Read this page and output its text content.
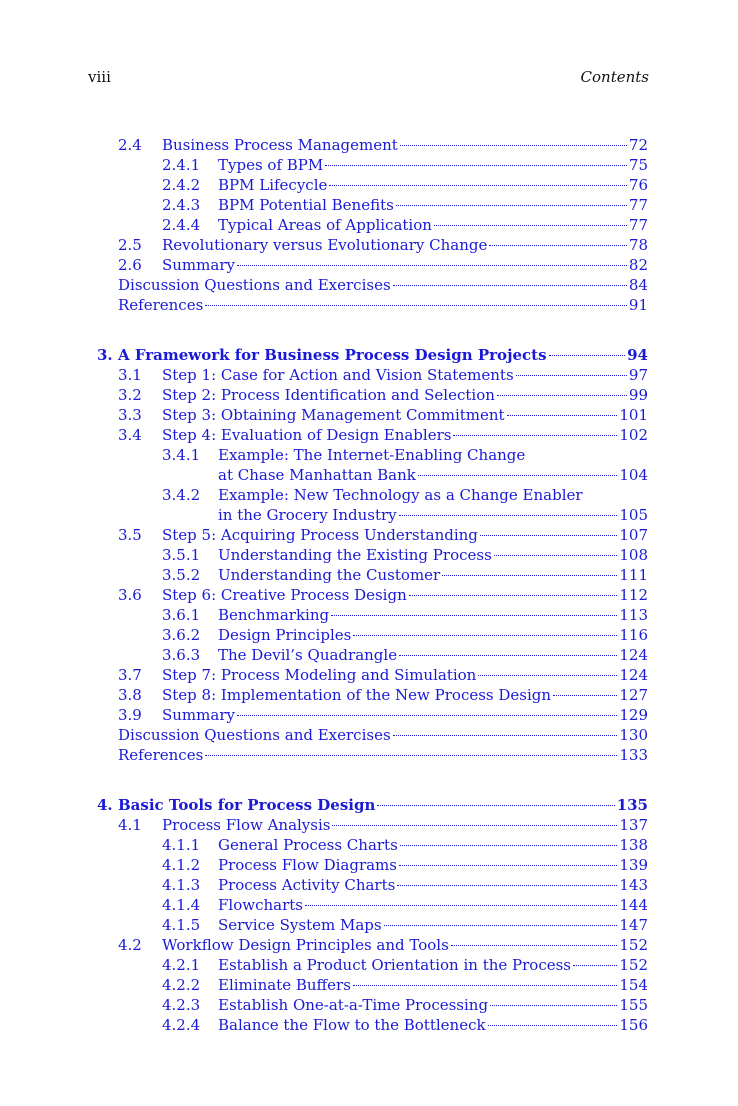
viii	Contents
2.4 Business Process Management	72
2.4.1 Types of BPM	75
2.4.2 BPM Lifecycle	76
2.4.3 BPM Potential Benefits	77
2.4.4 Typical Areas of Application	77
2.5 Revolutionary versus Evolutionary Change	78
2.6 Summary	82
Discussion Questions and Exercises	84
References	91
3. A Framework for Business Process Design Projects	94
3.1 Step 1: Case for Action and Vision Statements	97
3.2 Step 2: Process Identification and Selection	99
3.3 Step 3: Obtaining Management Commitment	101
3.4 Step 4: Evaluation of Design Enablers	102
3.4.1 Example: The Internet-Enabling Change
at Chase Manhattan Bank	104
3.4.2 Example: New Technology as a Change Enabler
in the Grocery Industry	105
3.5 Step 5: Acquiring Process Understanding	107
3.5.1 Understanding the Existing Process	108
3.5.2 Understanding the Customer	111
3.6 Step 6: Creative Process Design	112
3.6.1 Benchmarking	113
3.6.2 Design Principles	116
3.6.3 The Devil’s Quadrangle	124
3.7 Step 7: Process Modeling and Simulation	124
3.8 Step 8: Implementation of the New Process Design	127
3.9 Summary	129
Discussion Questions and Exercises	130
References	133
4. Basic Tools for Process Design	135
4.1 Process Flow Analysis	137
4.1.1 General Process Charts	138
4.1.2 Process Flow Diagrams	139
4.1.3 Process Activity Charts	143
4.1.4 Flowcharts	144
4.1.5 Service System Maps	147
4.2 Workflow Design Principles and Tools	152
4.2.1 Establish a Product Orientation in the Process	152
4.2.2 Eliminate Buffers	154
4.2.3 Establish One-at-a-Time Processing	155
4.2.4 Balance the Flow to the Bottleneck	156
